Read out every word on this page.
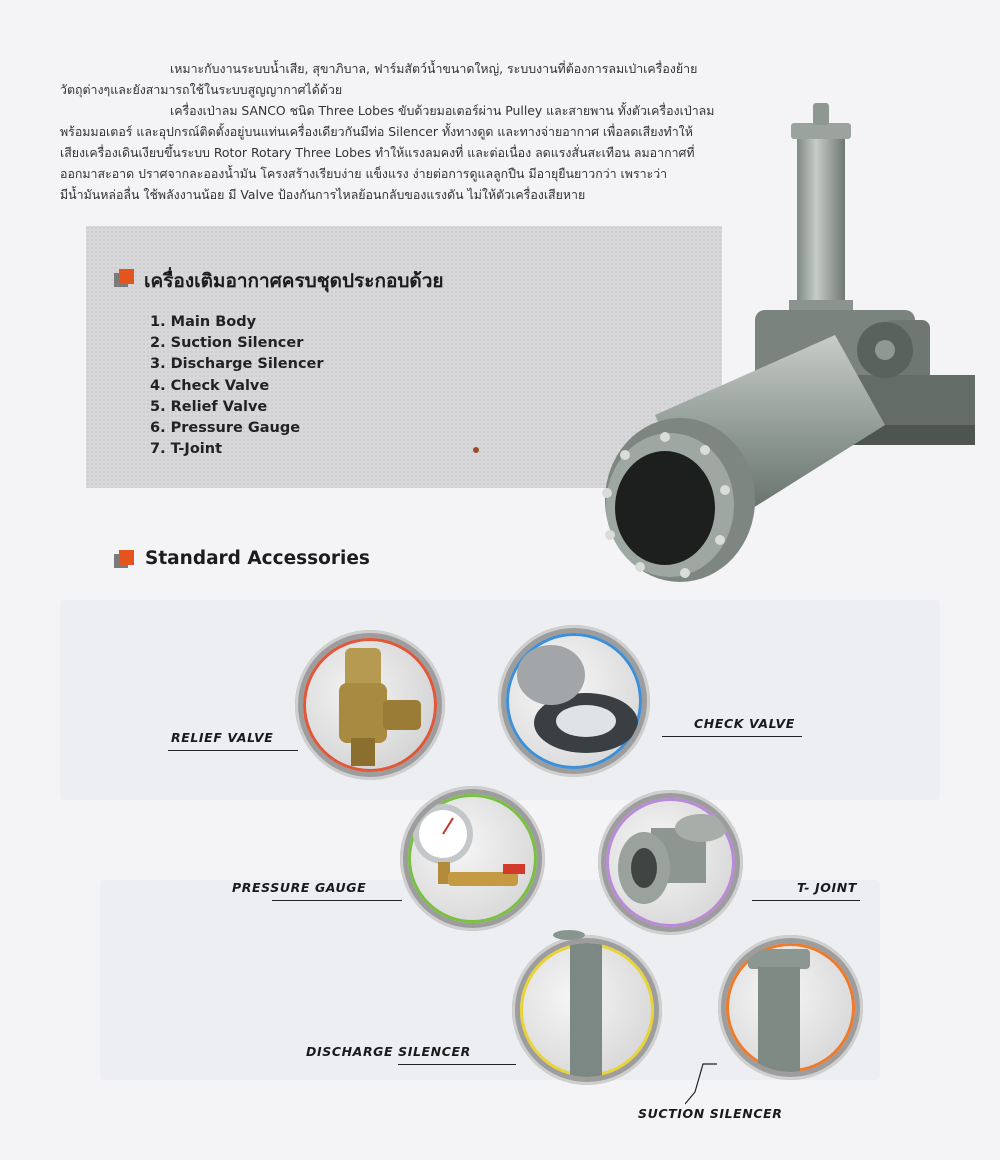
เหมาะกับงานระบบน้ำเสีย, สุขาภิบาล, ฟาร์มสัตว์น้ำขนาดใหญ่, ระบบงานที่ต้องการลมเป่าเครื่องย้าย

วัตถุต่างๆและยังสามารถใช้ในระบบสูญญากาศได้ด้วย

เครื่องเป่าลม SANCO ชนิด Three Lobes ขับด้วยมอเตอร์ผ่าน Pulley และสายพาน ทั้งตัวเครื่องเป่าลม

พร้อมมอเตอร์ และอุปกรณ์ติดตั้งอยู่บนแท่นเครื่องเดียวกันมีท่อ Silencer ทั้งทางดูด และทางจ่ายอากาศ เพื่อลดเสียงทำให้

เสียงเครื่องเดินเงียบขึ้นระบบ Rotor Rotary Three Lobes ทำให้แรงลมคงที่ และต่อเนื่อง ลดแรงสั่นสะเทือน ลมอากาศที่

ออกมาสะอาด ปราศจากละอองน้ำมัน โครงสร้างเรียบง่าย แข็งแรง ง่ายต่อการดูแลลูกปืน มีอายุยืนยาวกว่า เพราะว่า

มีน้ำมันหล่อลื่น ใช้พลังงานน้อย มี Valve ป้องกันการไหลย้อนกลับของแรงดัน ไม่ให้ตัวเครื่องเสียหาย

เครื่องเติมอากาศครบชุดประกอบด้วย
1. Main Body
2. Suction Silencer
3. Discharge Silencer
4. Check Valve
5. Relief Valve
6. Pressure Gauge
7. T-Joint
Standard Accessories
RELIEF VALVE
CHECK VALVE
PRESSURE GAUGE	T- JOINT
DISCHARGE SILENCER
SUCTION SILENCER
